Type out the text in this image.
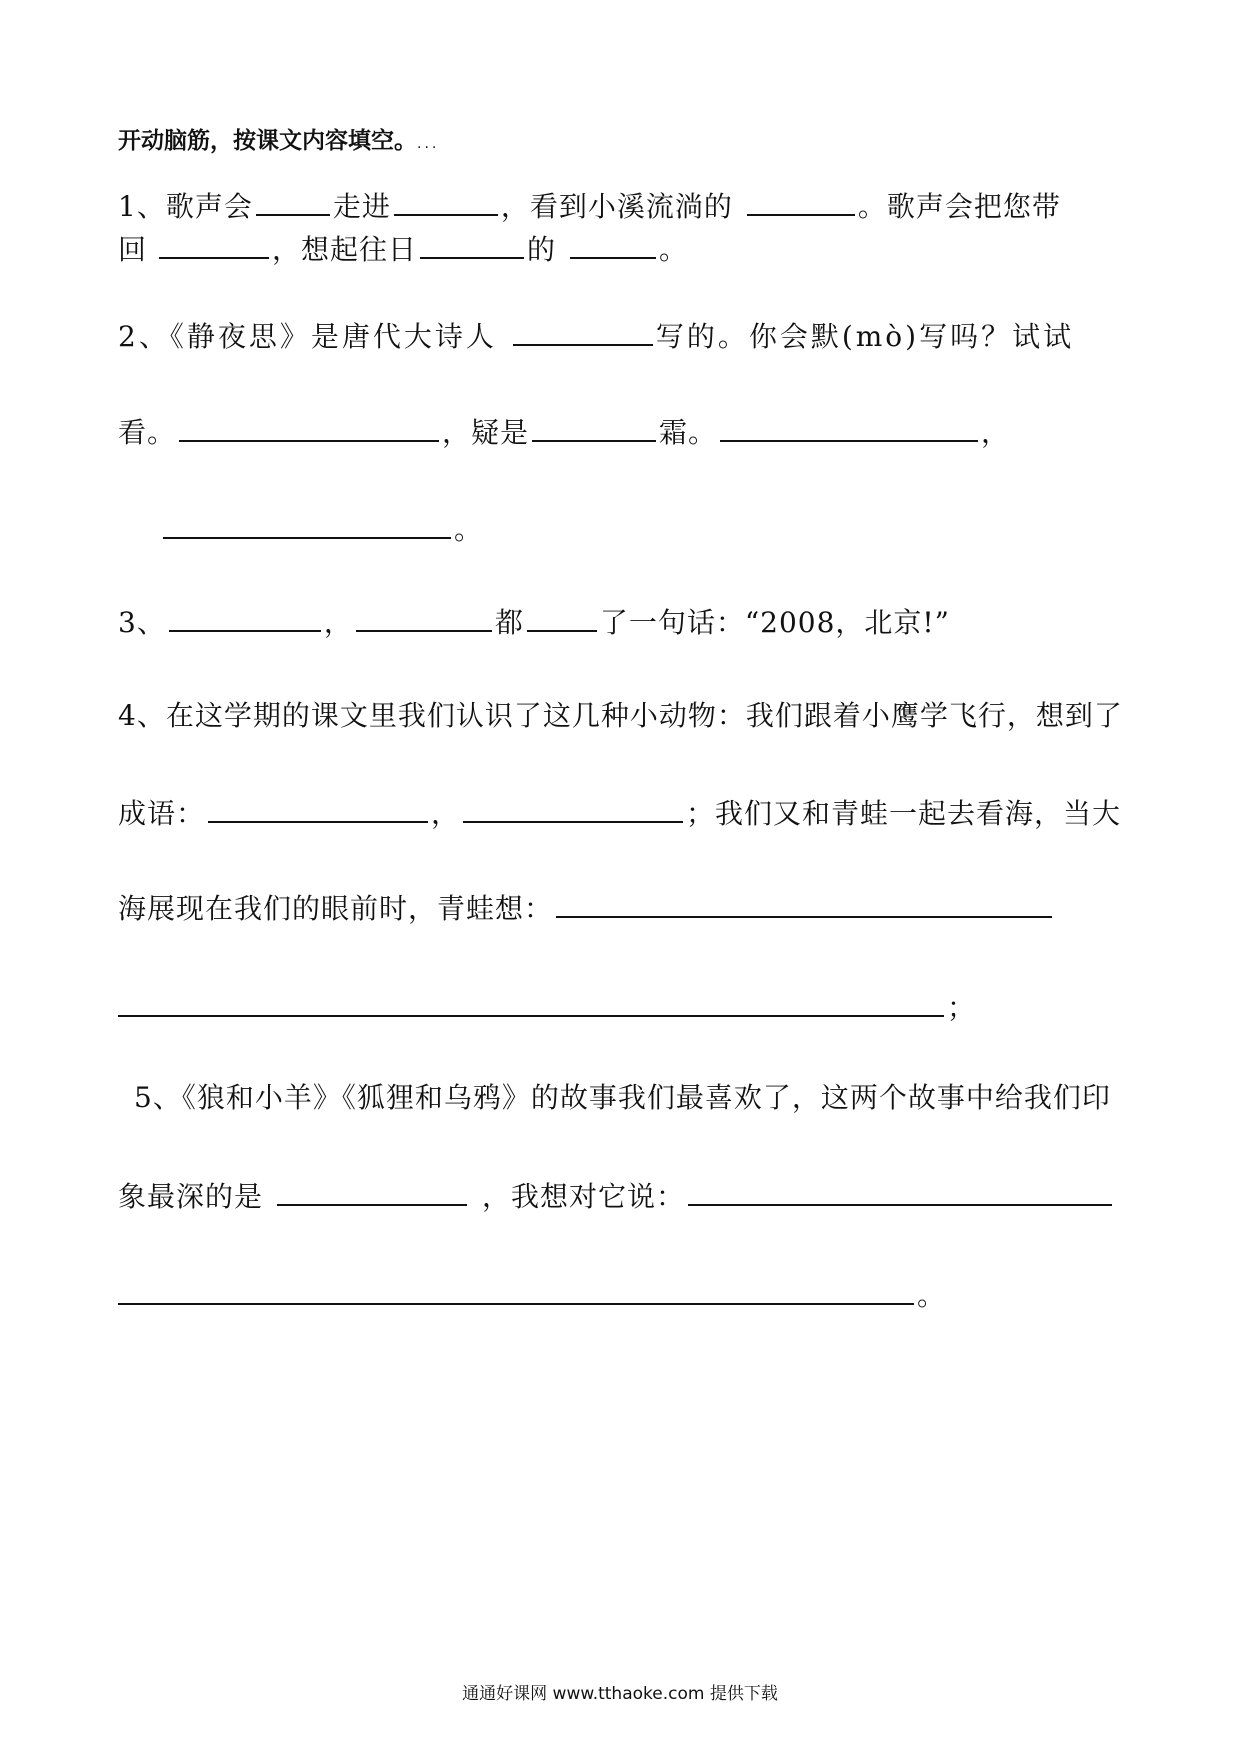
开动脑筋，按课文内容填空。...
1、歌声会	走进	，看到小溪流淌的	。歌声会把您带
回	，想起往日	的	。
2、《静夜思》是唐代大诗人	写的。你会默(mò)写吗？试试
看。	，疑是	霜。	，
。
3、	，	都	了一句话：“2008，北京!”
4、在这学期的课文里我们认识了这几种小动物：我们跟着小鹰学飞行，想到了
成语：	，	；我们又和青蛙一起去看海，当大
海展现在我们的眼前时，青蛙想：
；
5、《狼和小羊》《狐狸和乌鸦》的故事我们最喜欢了，这两个故事中给我们印
象最深的是	，我想对它说：
。
通通好课网 www.tthaoke.com 提供下载
